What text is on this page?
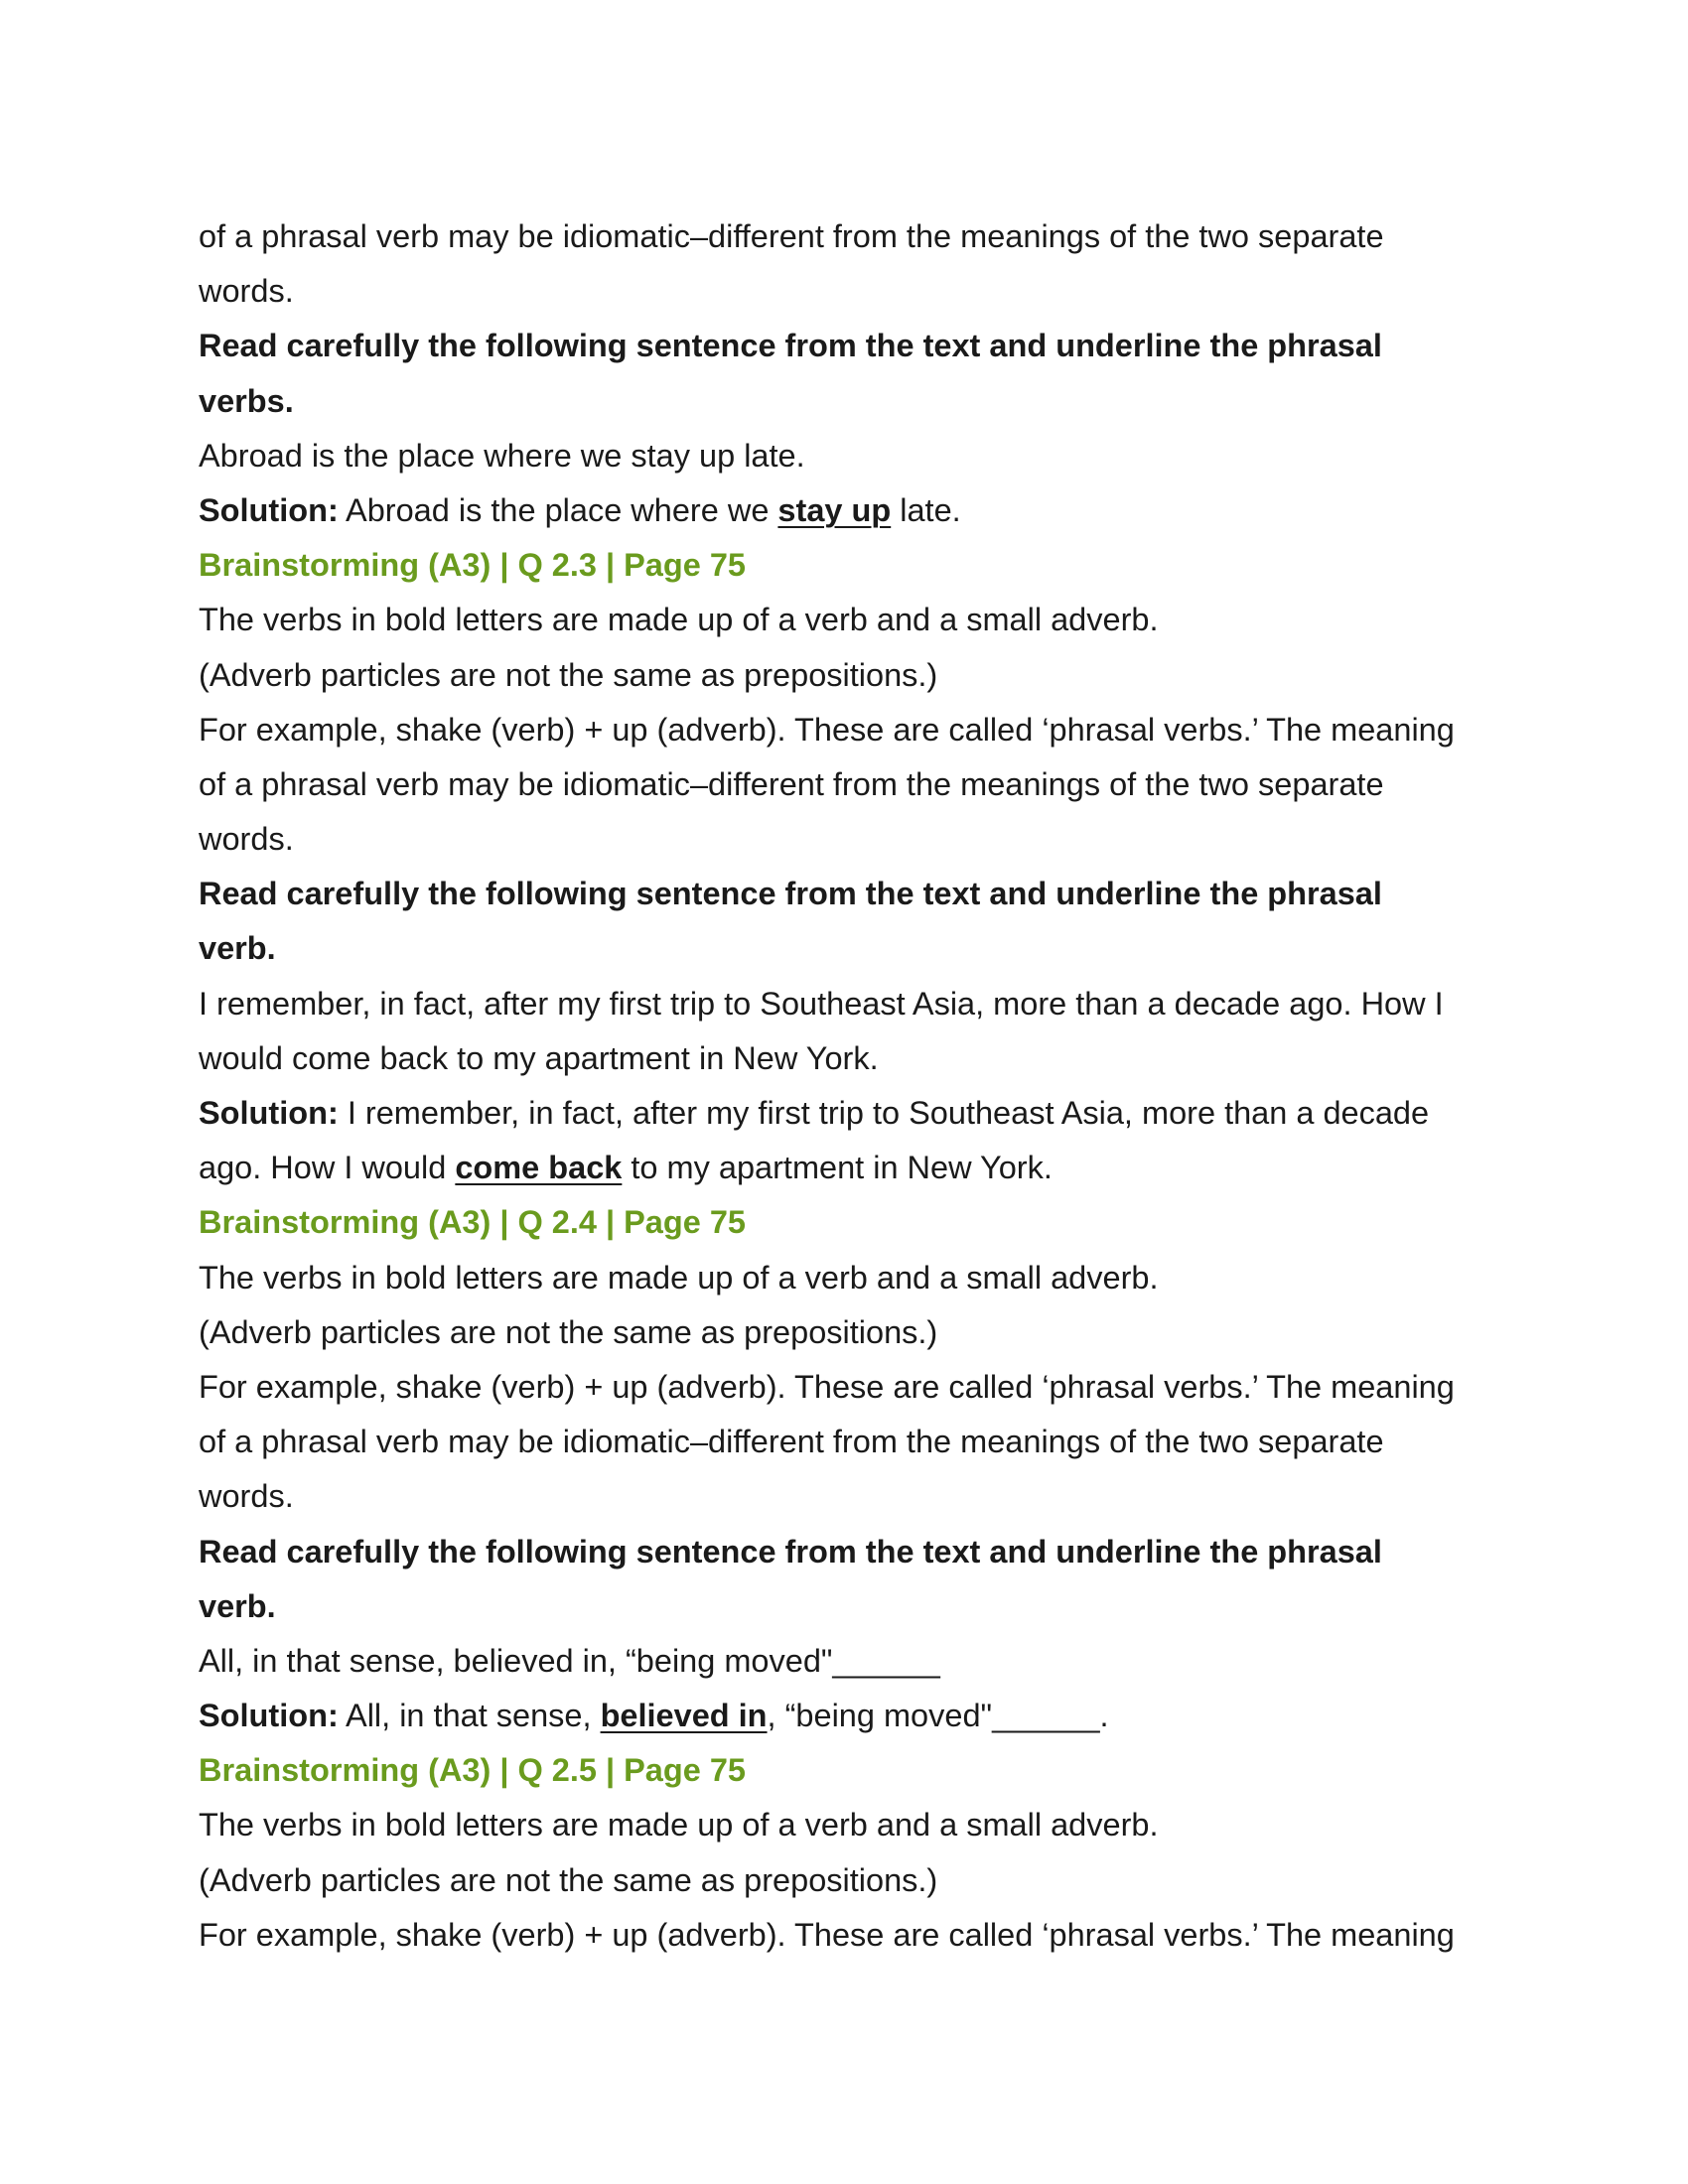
of a phrasal verb may be idiomatic–different from the meanings of the two separate

words.

Read carefully the following sentence from the text and underline the phrasal

verbs.

Abroad is the place where we stay up late.

Solution: Abroad is the place where we stay up late.

Brainstorming (A3) | Q 2.3 | Page 75

The verbs in bold letters are made up of a verb and a small adverb.

(Adverb particles are not the same as prepositions.)

For example, shake (verb) + up (adverb). These are called ‘phrasal verbs.’ The meaning

of a phrasal verb may be idiomatic–different from the meanings of the two separate

words.

Read carefully the following sentence from the text and underline the phrasal

verb.

I remember, in fact, after my first trip to Southeast Asia, more than a decade ago. How I

would come back to my apartment in New York.

Solution: I remember, in fact, after my first trip to Southeast Asia, more than a decade

ago. How I would come back to my apartment in New York.

Brainstorming (A3) | Q 2.4 | Page 75

The verbs in bold letters are made up of a verb and a small adverb.

(Adverb particles are not the same as prepositions.)

For example, shake (verb) + up (adverb). These are called ‘phrasal verbs.’ The meaning

of a phrasal verb may be idiomatic–different from the meanings of the two separate

words.

Read carefully the following sentence from the text and underline the phrasal

verb.

All, in that sense, believed in, “being moved"______

Solution: All, in that sense, believed in, “being moved"______.

Brainstorming (A3) | Q 2.5 | Page 75

The verbs in bold letters are made up of a verb and a small adverb.

(Adverb particles are not the same as prepositions.)

For example, shake (verb) + up (adverb). These are called ‘phrasal verbs.’ The meaning
